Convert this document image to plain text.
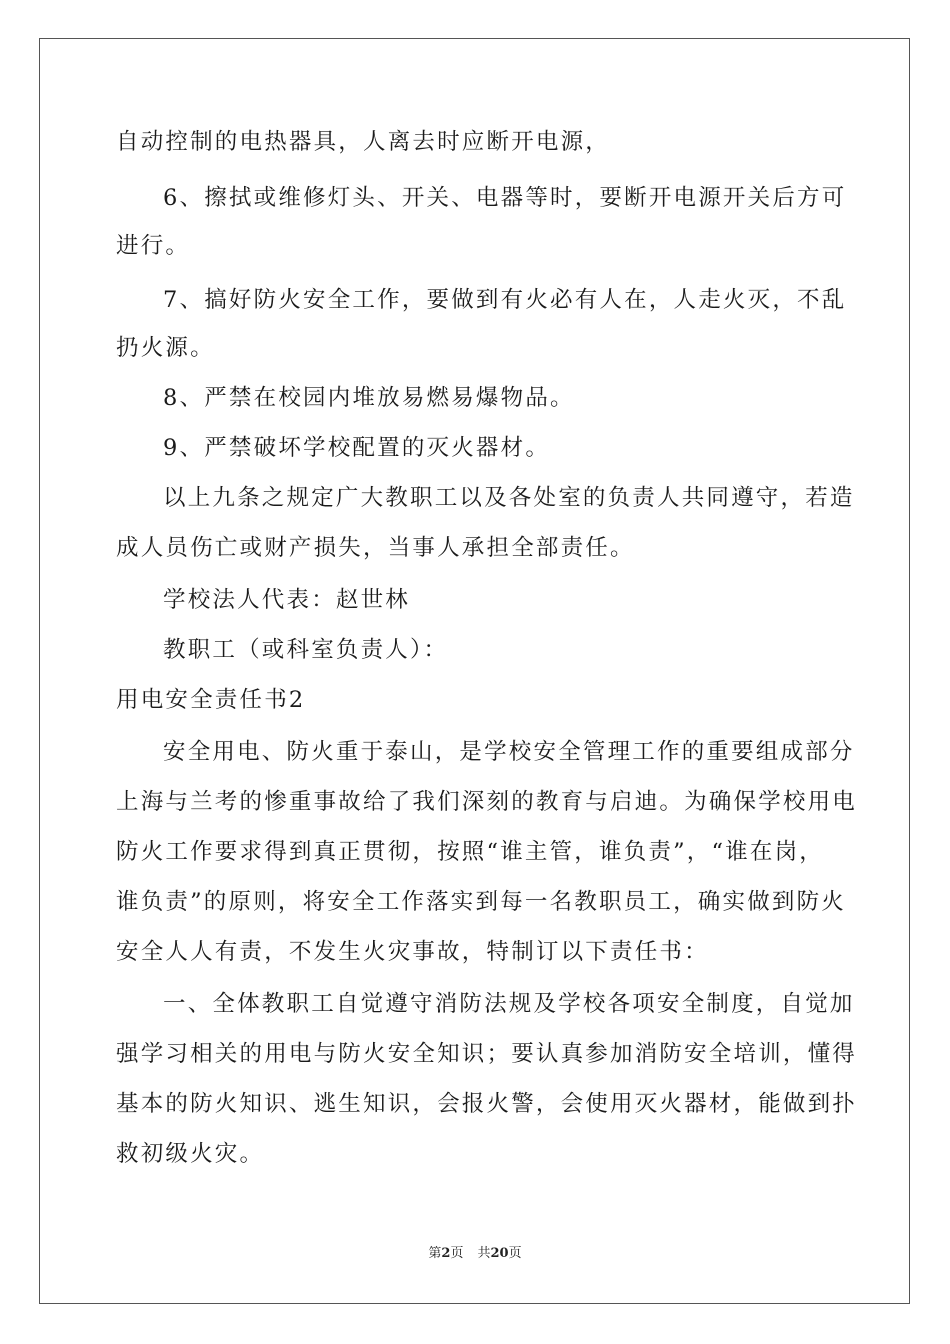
自动控制的电热器具，人离去时应断开电源，
6、擦拭或维修灯头、开关、电器等时，要断开电源开关后方可
进行。
7、搞好防火安全工作，要做到有火必有人在，人走火灭，不乱
扔火源。
8、严禁在校园内堆放易燃易爆物品。
9、严禁破坏学校配置的灭火器材。
以上九条之规定广大教职工以及各处室的负责人共同遵守，若造
成人员伤亡或财产损失，当事人承担全部责任。
学校法人代表：赵世林
教职工（或科室负责人）：
用电安全责任书2
安全用电、防火重于泰山，是学校安全管理工作的重要组成部分
上海与兰考的惨重事故给了我们深刻的教育与启迪。为确保学校用电
防火工作要求得到真正贯彻，按照“谁主管，谁负责”，“谁在岗，
谁负责”的原则，将安全工作落实到每一名教职员工，确实做到防火
安全人人有责，不发生火灾事故，特制订以下责任书：
一、全体教职工自觉遵守消防法规及学校各项安全制度，自觉加
强学习相关的用电与防火安全知识；要认真参加消防安全培训，懂得
基本的防火知识、逃生知识，会报火警，会使用灭火器材，能做到扑
救初级火灾。
第2页 共20页
